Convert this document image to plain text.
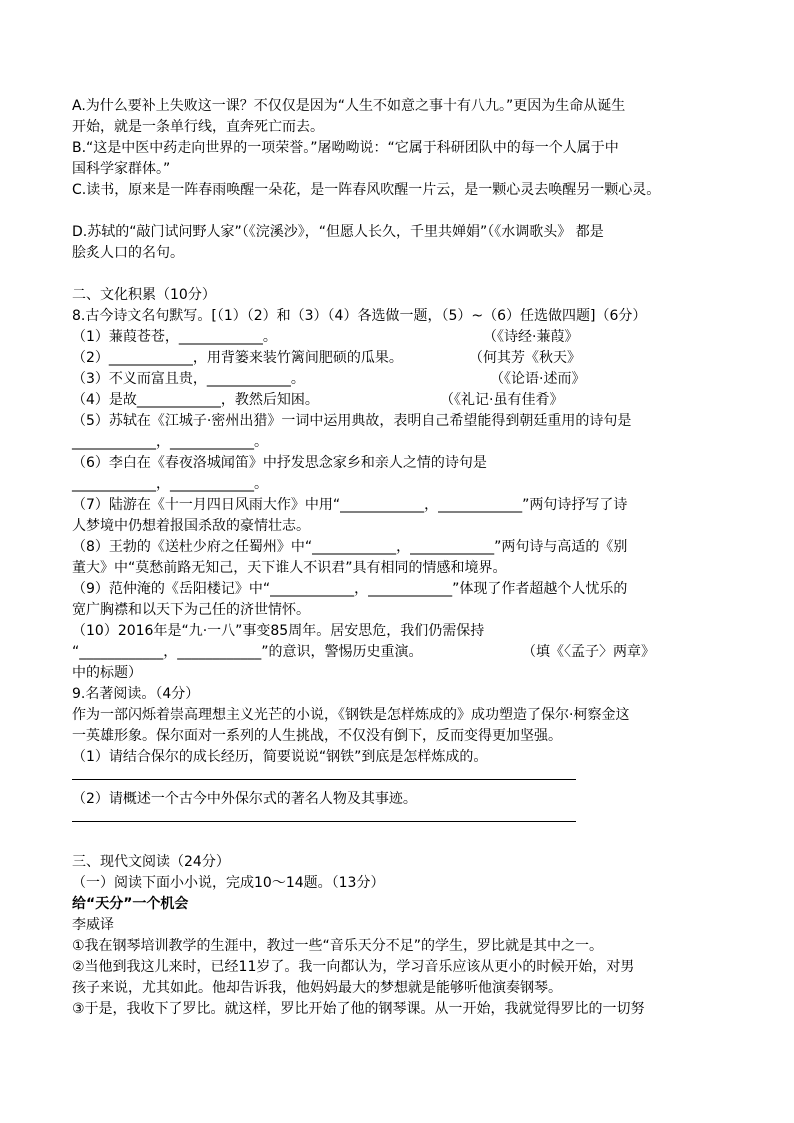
A.为什么要补上失败这一课？不仅仅是因为“人生不如意之事十有八九。”更因为生命从诞生
开始，就是一条单行线，直奔死亡而去。
B.“这是中医中药走向世界的一项荣誉。”屠呦呦说：“它属于科研团队中的每一个人属于中
国科学家群体。”
C.读书，原来是一阵春雨唤醒一朵花，是一阵春风吹醒一片云，是一颗心灵去唤醒另一颗心灵。
D.苏轼的“敲门试问野人家”（《浣溪沙》，“但愿人长久，千里共婵娟”（《水调歌头》 都是
脍炙人口的名句。
二、文化积累（10分）
8.古今诗文名句默写。[（1）（2）和（3）（4）各选做一题，（5）~（6）任选做四题]（6分）
（1）蒹葭苍苍，____________。	（《诗经·蒹葭》
（2）____________，用背篓来装竹篱间肥硕的瓜果。	（何其芳《秋天》
（3）不义而富且贵，____________。	（《论语·述而》
（4）是故____________，教然后知困。	（《礼记·虽有佳肴》
（5）苏轼在《江城子·密州出猎》一词中运用典故，表明自己希望能得到朝廷重用的诗句是
____________，____________。
（6）李白在《春夜洛城闻笛》中抒发思念家乡和亲人之情的诗句是
____________，____________。
（7）陆游在《十一月四日风雨大作》中用“____________，____________”两句诗抒写了诗
人梦境中仍想着报国杀敌的豪情壮志。
（8）王勃的《送杜少府之任蜀州》中“____________，____________”两句诗与高适的《别
董大》中“莫愁前路无知己，天下谁人不识君”具有相同的情感和境界。
（9）范仲淹的《岳阳楼记》中“____________，____________”体现了作者超越个人忧乐的
宽广胸襟和以天下为己任的济世情怀。
（10）2016年是“九·一八”事变85周年。居安思危，我们仍需保持
“____________，____________”的意识，警惕历史重演。	（填《〈孟子〉两章》
中的标题）
9.名著阅读。（4分）
作为一部闪烁着崇高理想主义光芒的小说，《钢铁是怎样炼成的》成功塑造了保尔·柯察金这
一英雄形象。保尔面对一系列的人生挑战，不仅没有倒下，反而变得更加坚强。
（1）请结合保尔的成长经历，简要说说“钢铁”到底是怎样炼成的。
（2）请概述一个古今中外保尔式的著名人物及其事迹。
三、现代文阅读（24分）
（一）阅读下面小小说，完成10～14题。（13分）
给“天分”一个机会
李威译
①我在钢琴培训教学的生涯中，教过一些“音乐天分不足”的学生，罗比就是其中之一。
②当他到我这儿来时，已经11岁了。我一向都认为，学习音乐应该从更小的时候开始，对男
孩子来说，尤其如此。他却告诉我，他妈妈最大的梦想就是能够听他演奏钢琴。
③于是，我收下了罗比。就这样，罗比开始了他的钢琴课。从一开始，我就觉得罗比的一切努
